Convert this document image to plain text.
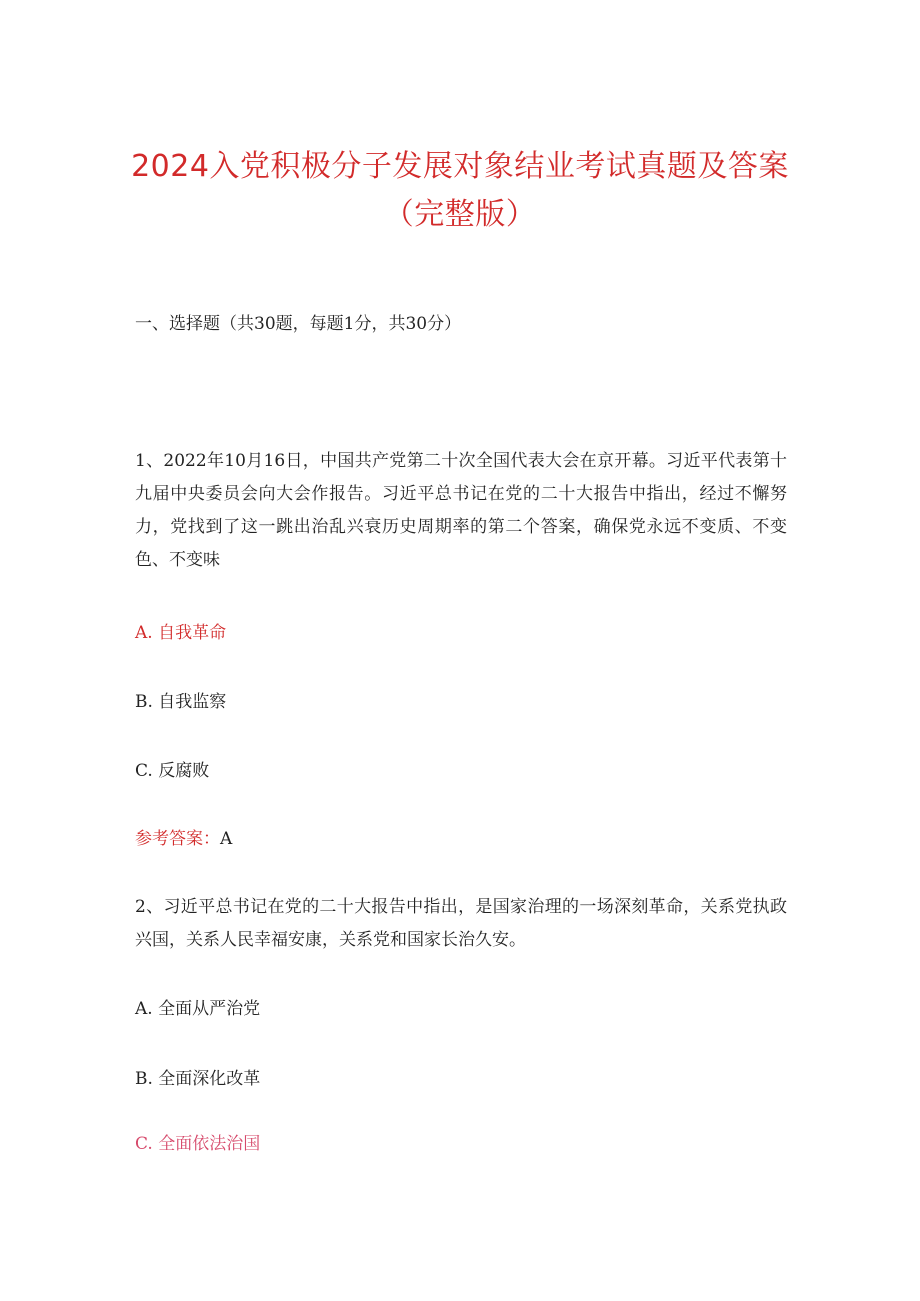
2024入党积极分子发展对象结业考试真题及答案（完整版）

一、选择题（共30题，每题1分，共30分）

1、2022年10月16日，中国共产党第二十次全国代表大会在京开幕。习近平代表第十九届中央委员会向大会作报告。习近平总书记在党的二十大报告中指出，经过不懈努力，党找到了这一跳出治乱兴衰历史周期率的第二个答案，确保党永远不变质、不变色、不变味

A. 自我革命

B. 自我监察

C. 反腐败

参考答案：A

2、习近平总书记在党的二十大报告中指出，是国家治理的一场深刻革命，关系党执政兴国，关系人民幸福安康，关系党和国家长治久安。

A. 全面从严治党

B. 全面深化改革

C. 全面依法治国
